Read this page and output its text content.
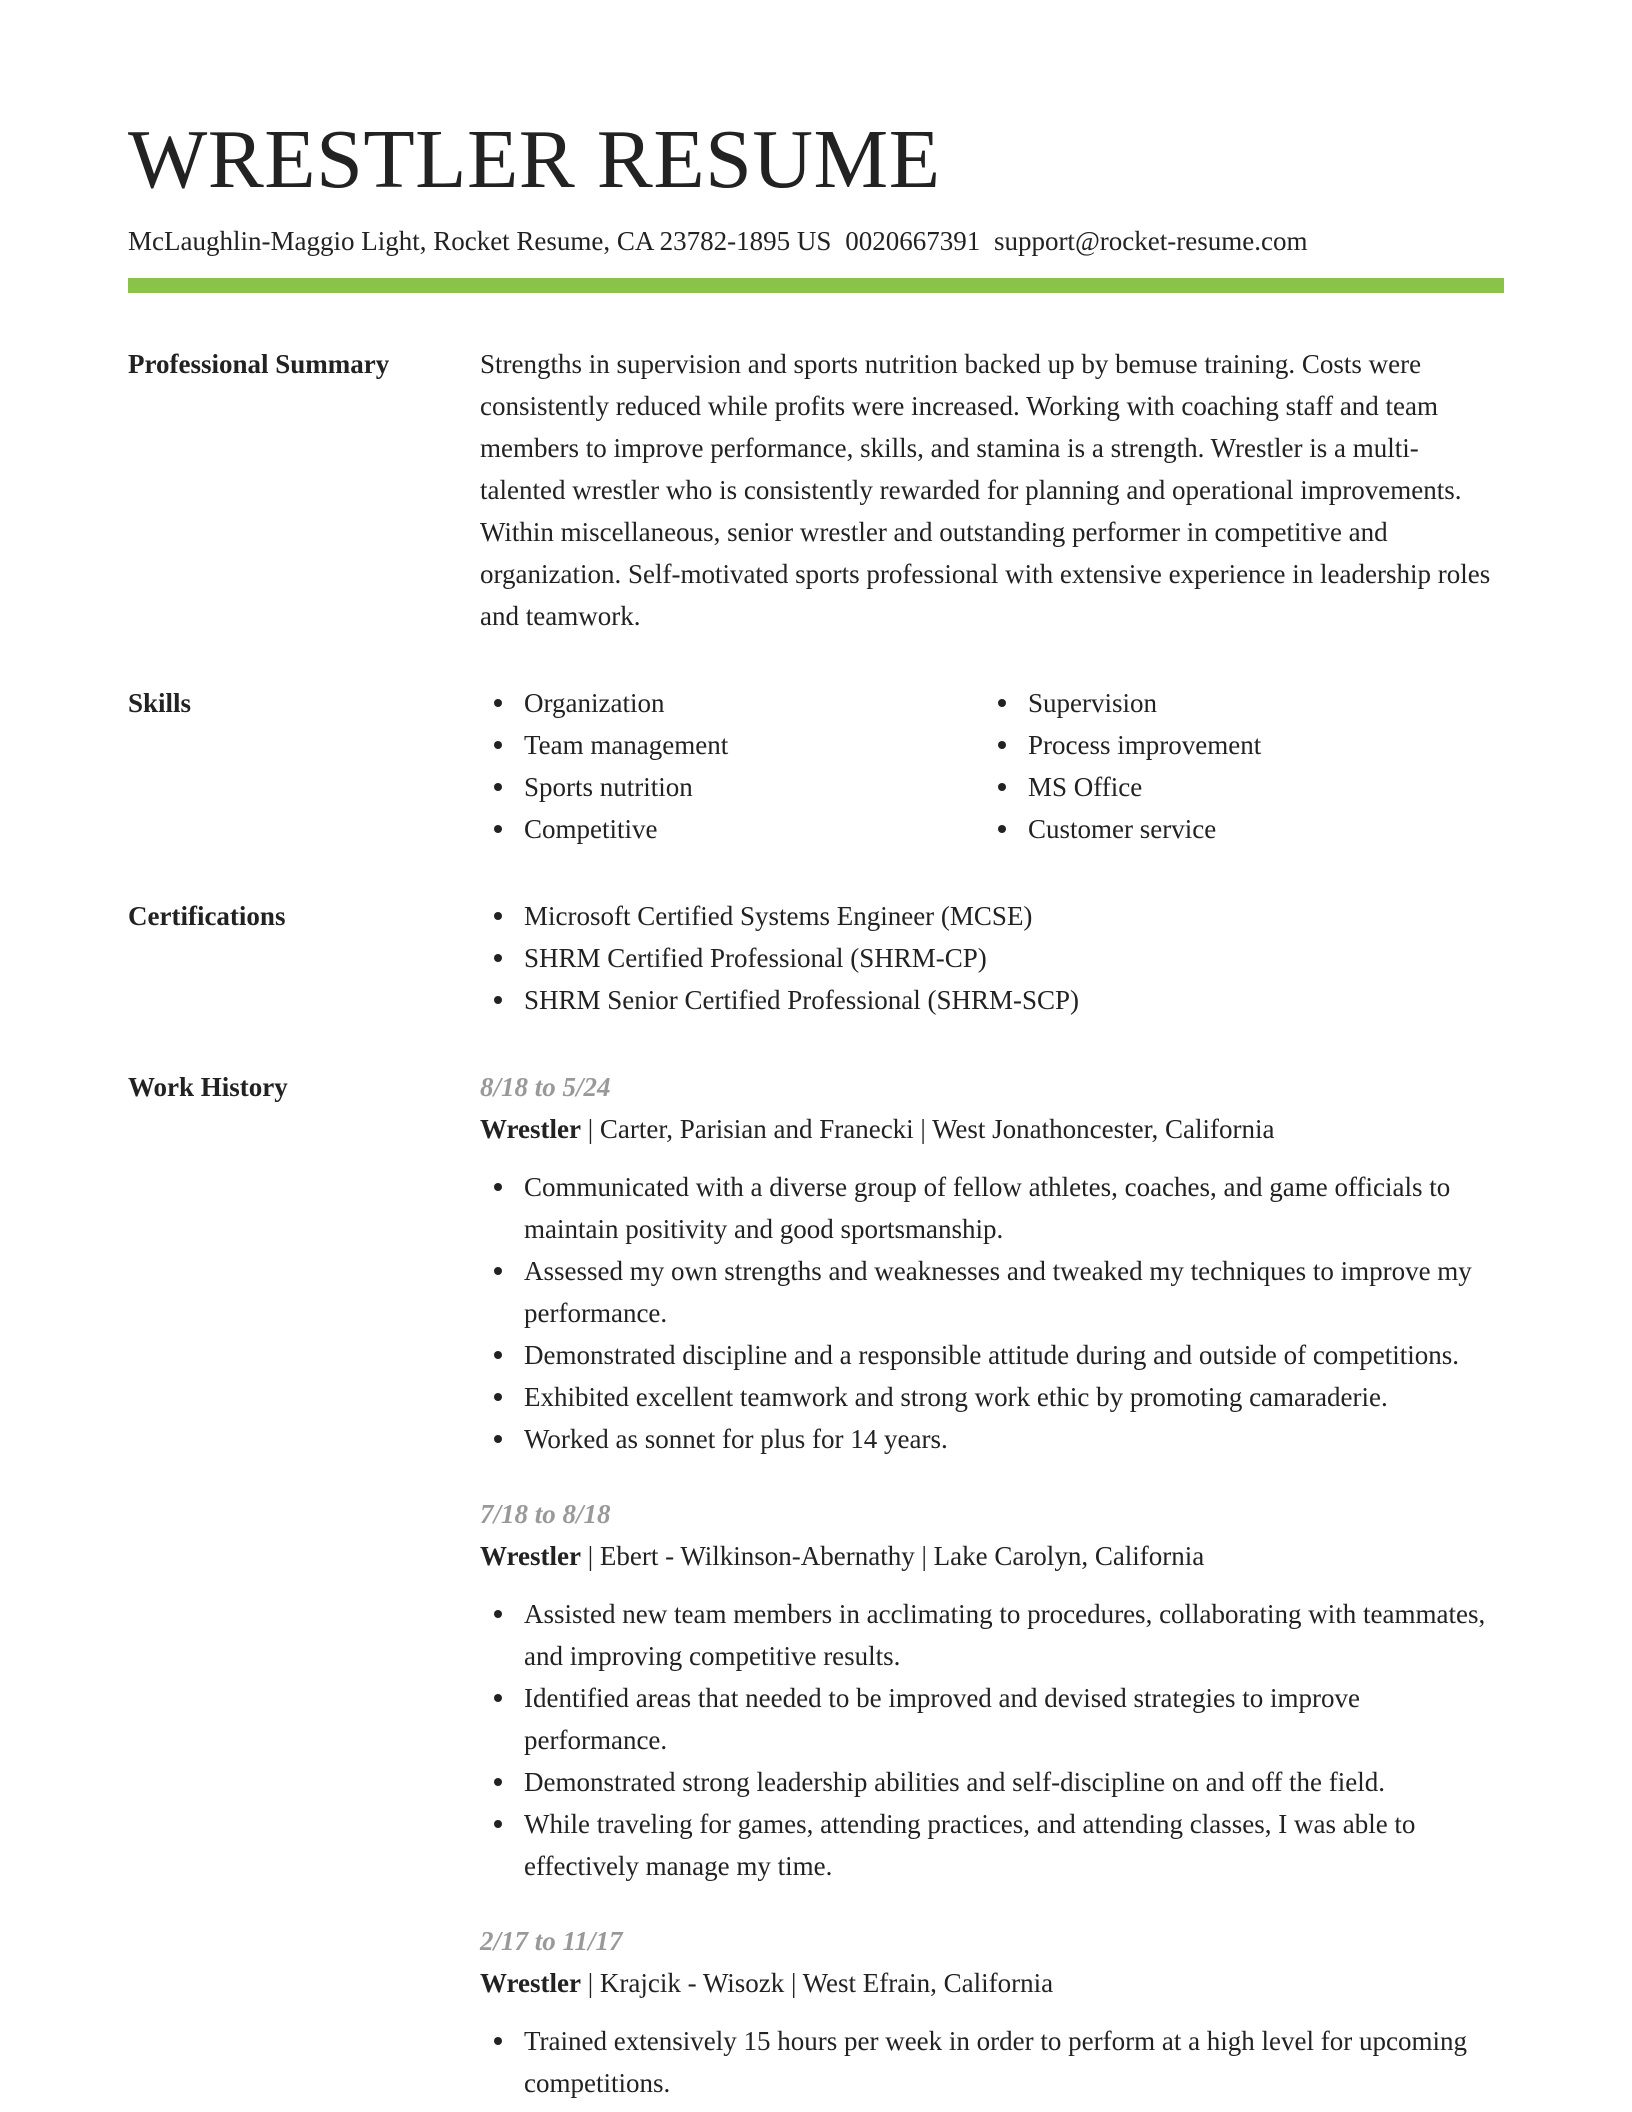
WRESTLER RESUME
McLaughlin-Maggio Light, Rocket Resume, CA 23782-1895 US 0020667391 support@rocket-resume.com
Professional Summary	Strengths in supervision and sports nutrition backed up by bemuse training. Costs were consistently reduced while profits were increased. Working with coaching staff and team members to improve performance, skills, and stamina is a strength. Wrestler is a multi-talented wrestler who is consistently rewarded for planning and operational improvements. Within miscellaneous, senior wrestler and outstanding performer in competitive and organization. Self-motivated sports professional with extensive experience in leadership roles and teamwork.

Skills	Organization
Team management
Sports nutrition
Competitive
Supervision
Process improvement
MS Office
Customer service
Certifications	Microsoft Certified Systems Engineer (MCSE)
SHRM Certified Professional (SHRM-CP)
SHRM Senior Certified Professional (SHRM-SCP)
Work History	8/18 to 5/24
Wrestler | Carter, Parisian and Franecki | West Jonathoncester, California
Communicated with a diverse group of fellow athletes, coaches, and game officials to maintain positivity and good sportsmanship.
Assessed my own strengths and weaknesses and tweaked my techniques to improve my performance.
Demonstrated discipline and a responsible attitude during and outside of competitions.
Exhibited excellent teamwork and strong work ethic by promoting camaraderie.
Worked as sonnet for plus for 14 years.
7/18 to 8/18
Wrestler | Ebert - Wilkinson-Abernathy | Lake Carolyn, California
Assisted new team members in acclimating to procedures, collaborating with teammates, and improving competitive results.
Identified areas that needed to be improved and devised strategies to improve performance.
Demonstrated strong leadership abilities and self-discipline on and off the field.
While traveling for games, attending practices, and attending classes, I was able to effectively manage my time.
2/17 to 11/17
Wrestler | Krajcik - Wisozk | West Efrain, California
Trained extensively 15 hours per week in order to perform at a high level for upcoming competitions.
